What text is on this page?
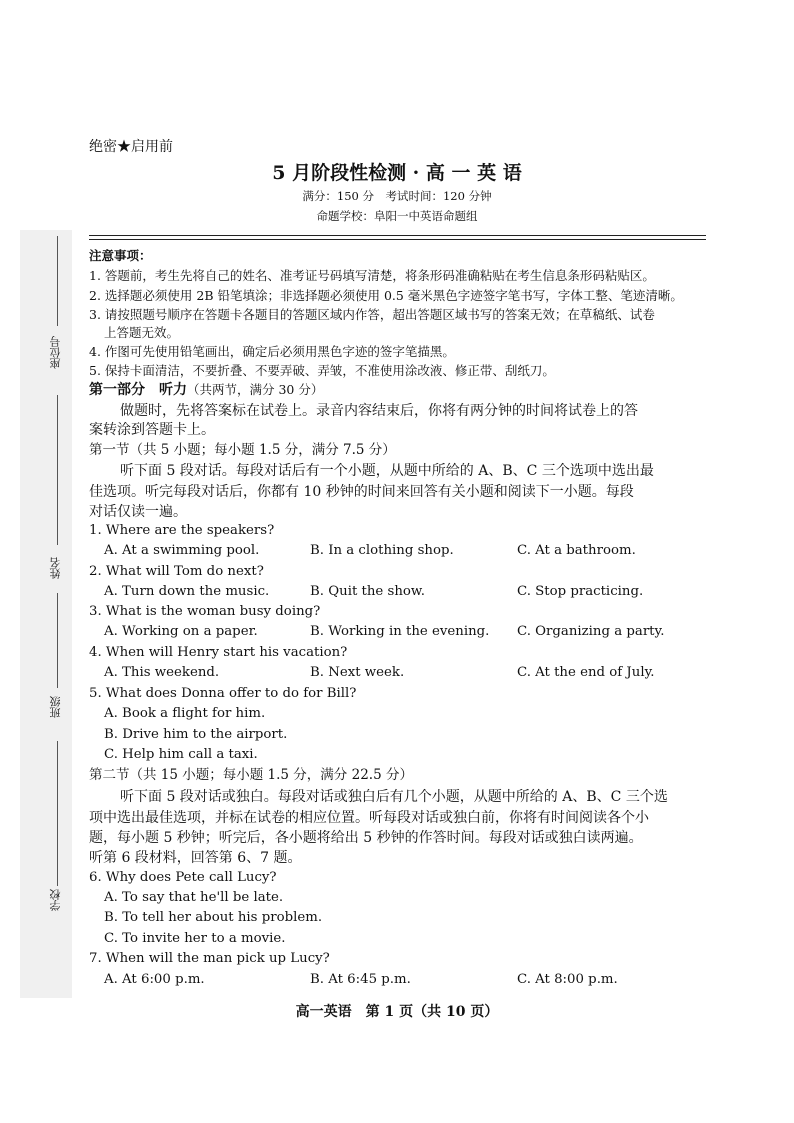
座位号
姓名
班级
学校
绝密★启用前
5 月阶段性检测 · 高 一 英 语
满分：150 分　考试时间：120 分钟
命题学校：阜阳一中英语命题组
注意事项：
1. 答题前，考生先将自己的姓名、准考证号码填写清楚，将条形码准确粘贴在考生信息条形码粘贴区。
2. 选择题必须使用 2B 铅笔填涂；非选择题必须使用 0.5 毫米黑色字迹签字笔书写，字体工整、笔迹清晰。
3. 请按照题号顺序在答题卡各题目的答题区域内作答，超出答题区域书写的答案无效；在草稿纸、试卷
上答题无效。
4. 作图可先使用铅笔画出，确定后必须用黑色字迹的签字笔描黑。
5. 保持卡面清洁，不要折叠、不要弄破、弄皱，不准使用涂改液、修正带、刮纸刀。
第一部分　听力（共两节，满分 30 分）
做题时，先将答案标在试卷上。录音内容结束后，你将有两分钟的时间将试卷上的答
案转涂到答题卡上。
第一节（共 5 小题；每小题 1.5 分，满分 7.5 分）
听下面 5 段对话。每段对话后有一个小题，从题中所给的 A、B、C 三个选项中选出最
佳选项。听完每段对话后，你都有 10 秒钟的时间来回答有关小题和阅读下一小题。每段
对话仅读一遍。
1. Where are the speakers?
A. At a swimming pool.	B. In a clothing shop.	C. At a bathroom.
2. What will Tom do next?
A. Turn down the music.	B. Quit the show.	C. Stop practicing.
3. What is the woman busy doing?
A. Working on a paper.	B. Working in the evening. C. Organizing a party.
4. When will Henry start his vacation?
A. This weekend.	B. Next week.	C. At the end of July.
5. What does Donna offer to do for Bill?
A. Book a flight for him.
B. Drive him to the airport.
C. Help him call a taxi.
第二节（共 15 小题；每小题 1.5 分，满分 22.5 分）
听下面 5 段对话或独白。每段对话或独白后有几个小题，从题中所给的 A、B、C 三个选
项中选出最佳选项，并标在试卷的相应位置。听每段对话或独白前，你将有时间阅读各个小
题，每小题 5 秒钟；听完后，各小题将给出 5 秒钟的作答时间。每段对话或独白读两遍。
听第 6 段材料，回答第 6、7 题。
6. Why does Pete call Lucy?
A. To say that he'll be late.
B. To tell her about his problem.
C. To invite her to a movie.
7. When will the man pick up Lucy?
A. At 6:00 p.m.	B. At 6:45 p.m.	C. At 8:00 p.m.
高一英语　第 1 页（共 10 页）
